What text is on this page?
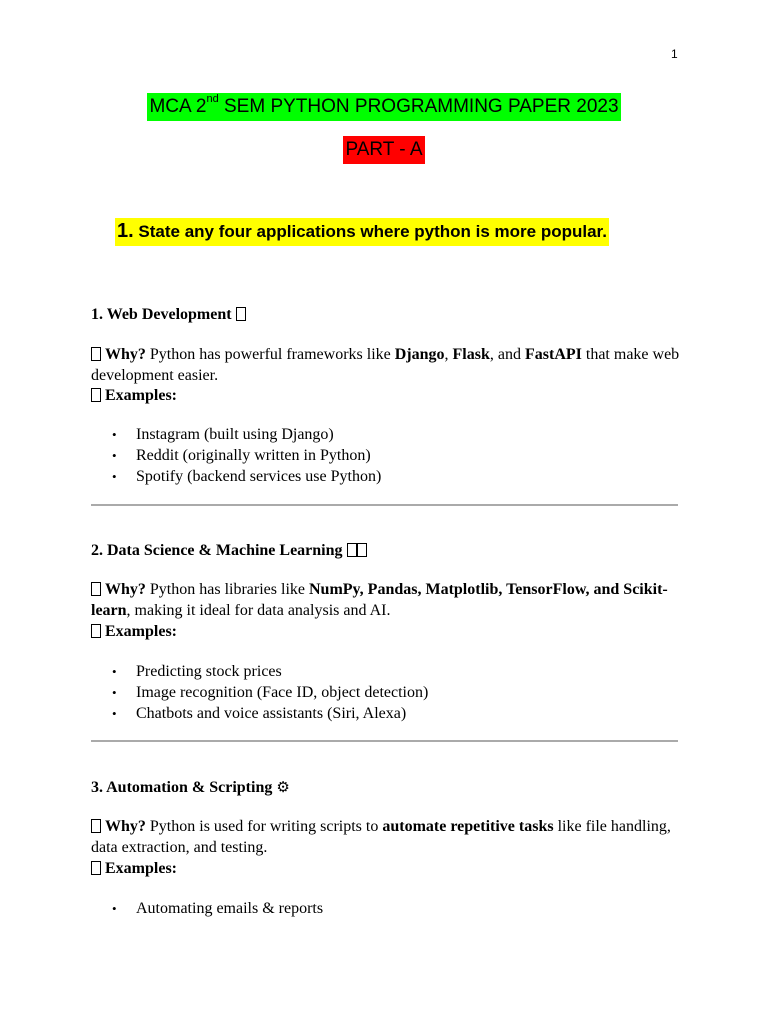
1
MCA 2nd SEM PYTHON PROGRAMMING PAPER 2023
PART - A
1. State any four applications where python is more popular.
1. Web Development
Why? Python has powerful frameworks like Django, Flask, and FastAPI that make web development easier.
Examples:
• Instagram (built using Django)
• Reddit (originally written in Python)
• Spotify (backend services use Python)
2. Data Science & Machine Learning
Why? Python has libraries like NumPy, Pandas, Matplotlib, TensorFlow, and Scikit-learn, making it ideal for data analysis and AI.
Examples:
• Predicting stock prices
• Image recognition (Face ID, object detection)
• Chatbots and voice assistants (Siri, Alexa)
3. Automation & Scripting ⚙
Why? Python is used for writing scripts to automate repetitive tasks like file handling, data extraction, and testing.
Examples:
• Automating emails & reports
